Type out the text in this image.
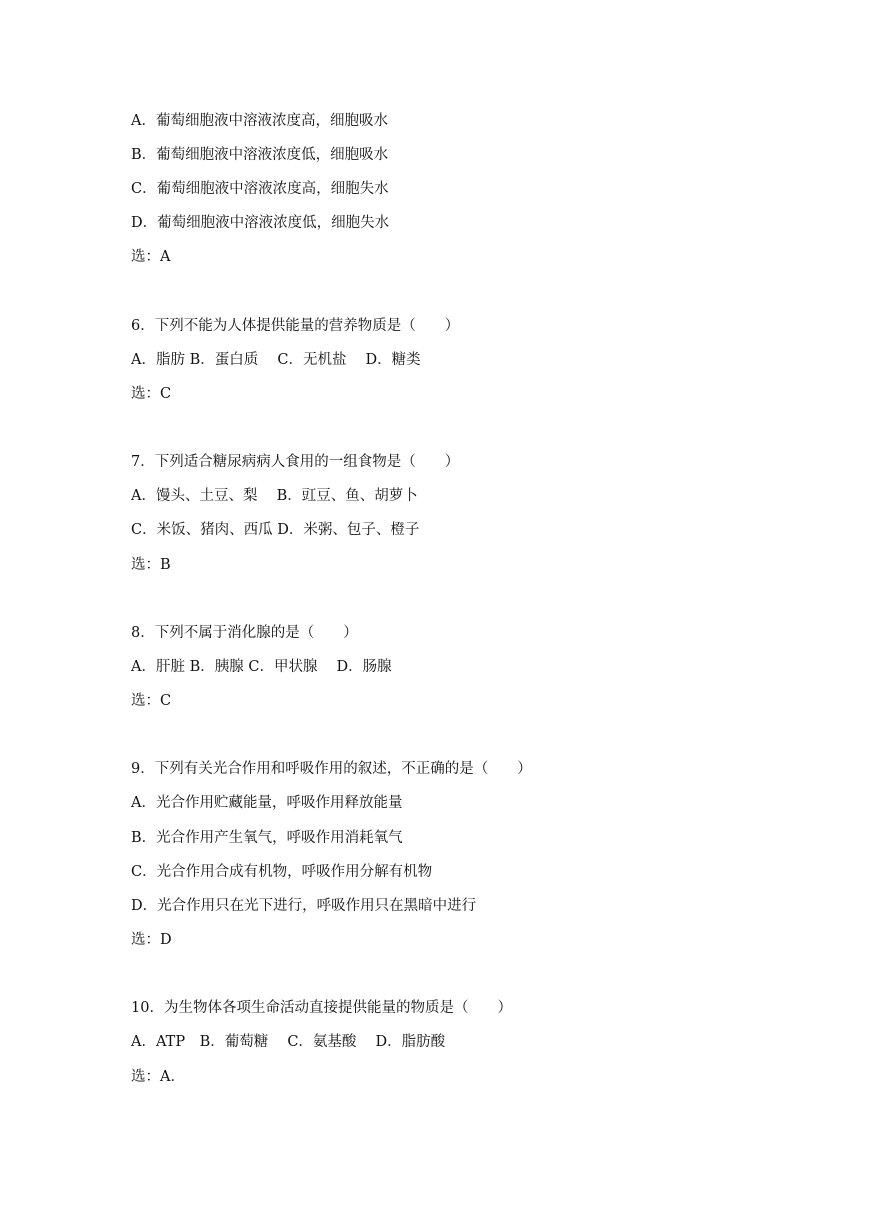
A．葡萄细胞液中溶液浓度高，细胞吸水
B．葡萄细胞液中溶液浓度低，细胞吸水
C．葡萄细胞液中溶液浓度高，细胞失水
D．葡萄细胞液中溶液浓度低，细胞失水
选：A
6．下列不能为人体提供能量的营养物质是（　　）
A．脂肪 B．蛋白质　 C．无机盐　 D．糖类
选：C
7．下列适合糖尿病病人食用的一组食物是（　　）
A．馒头、土豆、梨　 B．豇豆、鱼、胡萝卜
C．米饭、猪肉、西瓜 D．米粥、包子、橙子
选：B
8．下列不属于消化腺的是（　　）
A．肝脏 B．胰腺 C．甲状腺　 D．肠腺
选：C
9．下列有关光合作用和呼吸作用的叙述，不正确的是（　　）
A．光合作用贮藏能量，呼吸作用释放能量
B．光合作用产生氧气，呼吸作用消耗氧气
C．光合作用合成有机物，呼吸作用分解有机物
D．光合作用只在光下进行，呼吸作用只在黑暗中进行
选：D
10．为生物体各项生命活动直接提供能量的物质是（　　）
A．ATP　B．葡萄糖　 C．氨基酸　 D．脂肪酸
选：A．
